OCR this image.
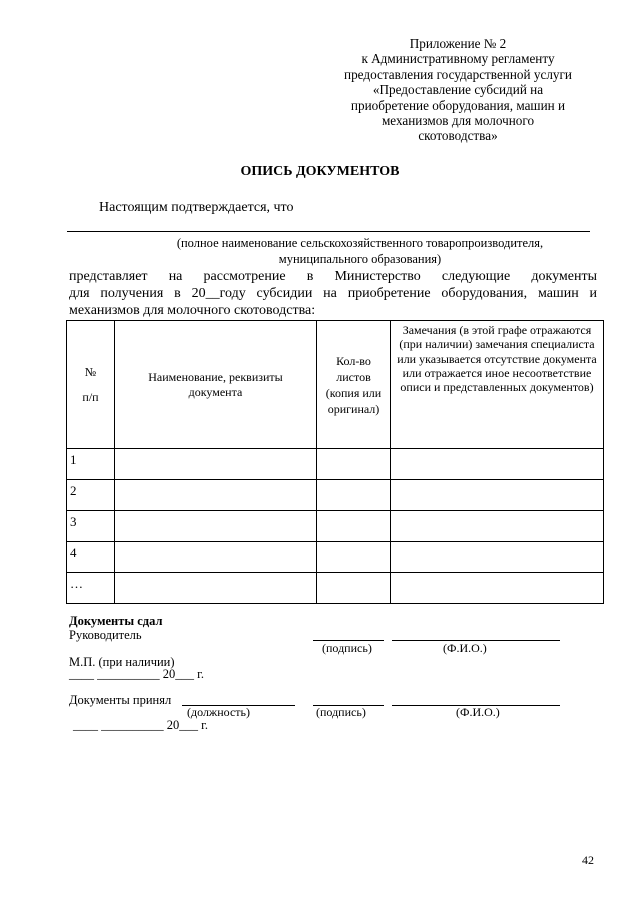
Приложение № 2
к Административному регламенту
предоставления государственной услуги
«Предоставление субсидий на
приобретение оборудования, машин и
механизмов для молочного
скотоводства»
ОПИСЬ ДОКУМЕНТОВ
Настоящим подтверждается, что
(полное наименование сельскохозяйственного товаропроизводителя,
муниципального образования)
представляет на рассмотрение в Министерство следующие документы
для получения в 20__году субсидии на приобретение оборудования, машин и
механизмов для молочного скотоводства:
№
п/п	Наименование, реквизиты документа	Кол-во листов (копия или оригинал)	Замечания (в этой графе отражаются (при наличии) замечания специалиста или указывается отсутствие документа или отражается иное несоответствие описи и представленных документов)
1			
2			
3			
4			
…			
Документы сдал
Руководитель
(подпись)	(Ф.И.О.)
М.П. (при наличии)
____ __________ 20___ г.
Документы принял
(должность)	(подпись)	(Ф.И.О.)
____ __________ 20___ г.
42
